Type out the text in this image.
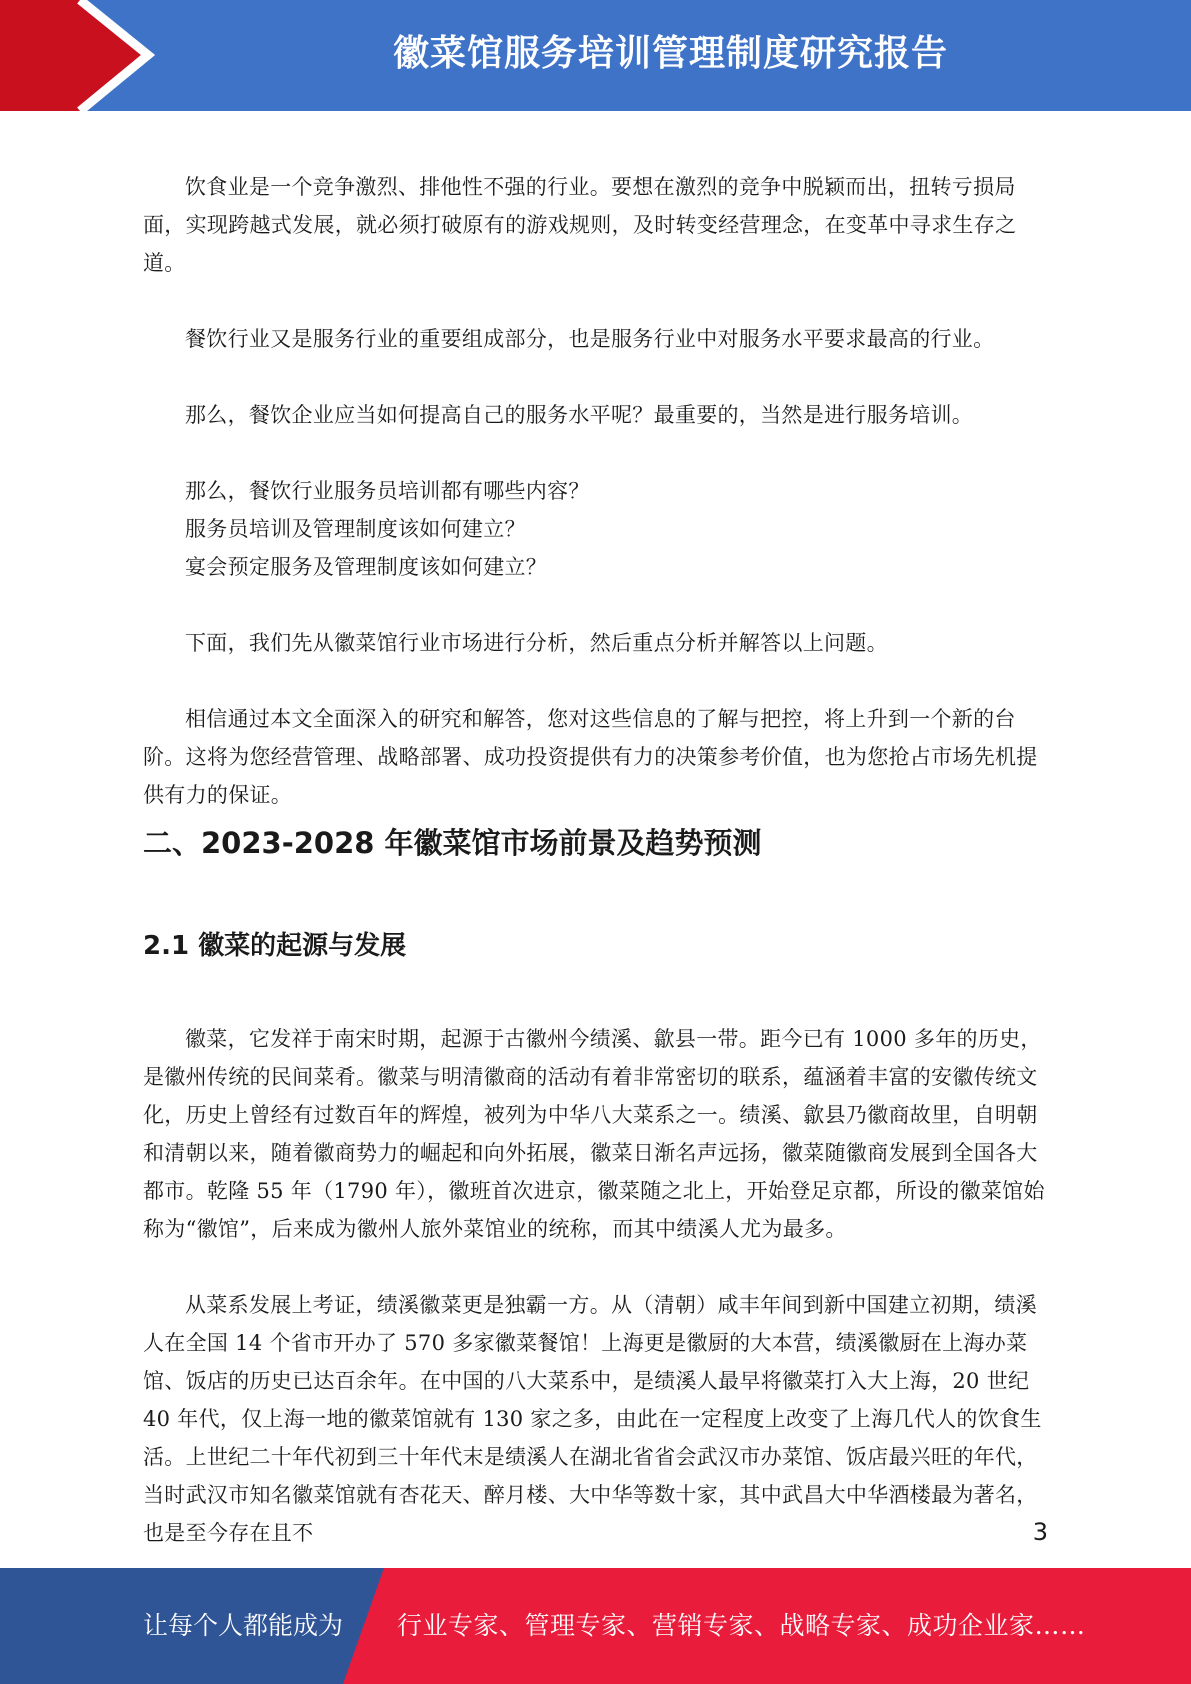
徽菜馆服务培训管理制度研究报告

饮食业是一个竞争激烈、排他性不强的行业。要想在激烈的竞争中脱颖而出，扭转亏损局面，实现跨越式发展，就必须打破原有的游戏规则，及时转变经营理念，在变革中寻求生存之道。

餐饮行业又是服务行业的重要组成部分，也是服务行业中对服务水平要求最高的行业。

那么，餐饮企业应当如何提高自己的服务水平呢？最重要的，当然是进行服务培训。

那么，餐饮行业服务员培训都有哪些内容？

服务员培训及管理制度该如何建立？

宴会预定服务及管理制度该如何建立？

下面，我们先从徽菜馆行业市场进行分析，然后重点分析并解答以上问题。

相信通过本文全面深入的研究和解答，您对这些信息的了解与把控，将上升到一个新的台阶。这将为您经营管理、战略部署、成功投资提供有力的决策参考价值，也为您抢占市场先机提供有力的保证。

二、2023-2028 年徽菜馆市场前景及趋势预测
2.1 徽菜的起源与发展

徽菜，它发祥于南宋时期，起源于古徽州今绩溪、歙县一带。距今已有 1000 多年的历史，是徽州传统的民间菜肴。徽菜与明清徽商的活动有着非常密切的联系，蕴涵着丰富的安徽传统文化，历史上曾经有过数百年的辉煌，被列为中华八大菜系之一。绩溪、歙县乃徽商故里，自明朝和清朝以来，随着徽商势力的崛起和向外拓展，徽菜日渐名声远扬，徽菜随徽商发展到全国各大都市。乾隆 55 年（1790 年），徽班首次进京，徽菜随之北上，开始登足京都，所设的徽菜馆始称为“徽馆”，后来成为徽州人旅外菜馆业的统称，而其中绩溪人尤为最多。

从菜系发展上考证，绩溪徽菜更是独霸一方。从（清朝）咸丰年间到新中国建立初期，绩溪人在全国 14 个省市开办了 570 多家徽菜餐馆！上海更是徽厨的大本营，绩溪徽厨在上海办菜馆、饭店的历史已达百余年。在中国的八大菜系中，是绩溪人最早将徽菜打入大上海，20 世纪 40 年代，仅上海一地的徽菜馆就有 130 家之多，由此在一定程度上改变了上海几代人的饮食生活。上世纪二十年代初到三十年代末是绩溪人在湖北省省会武汉市办菜馆、饭店最兴旺的年代，当时武汉市知名徽菜馆就有杏花天、醉月楼、大中华等数十家，其中武昌大中华酒楼最为著名，也是至今存在且不	3
让每个人都能成为 行业专家、管理专家、营销专家、战略专家、成功企业家……
